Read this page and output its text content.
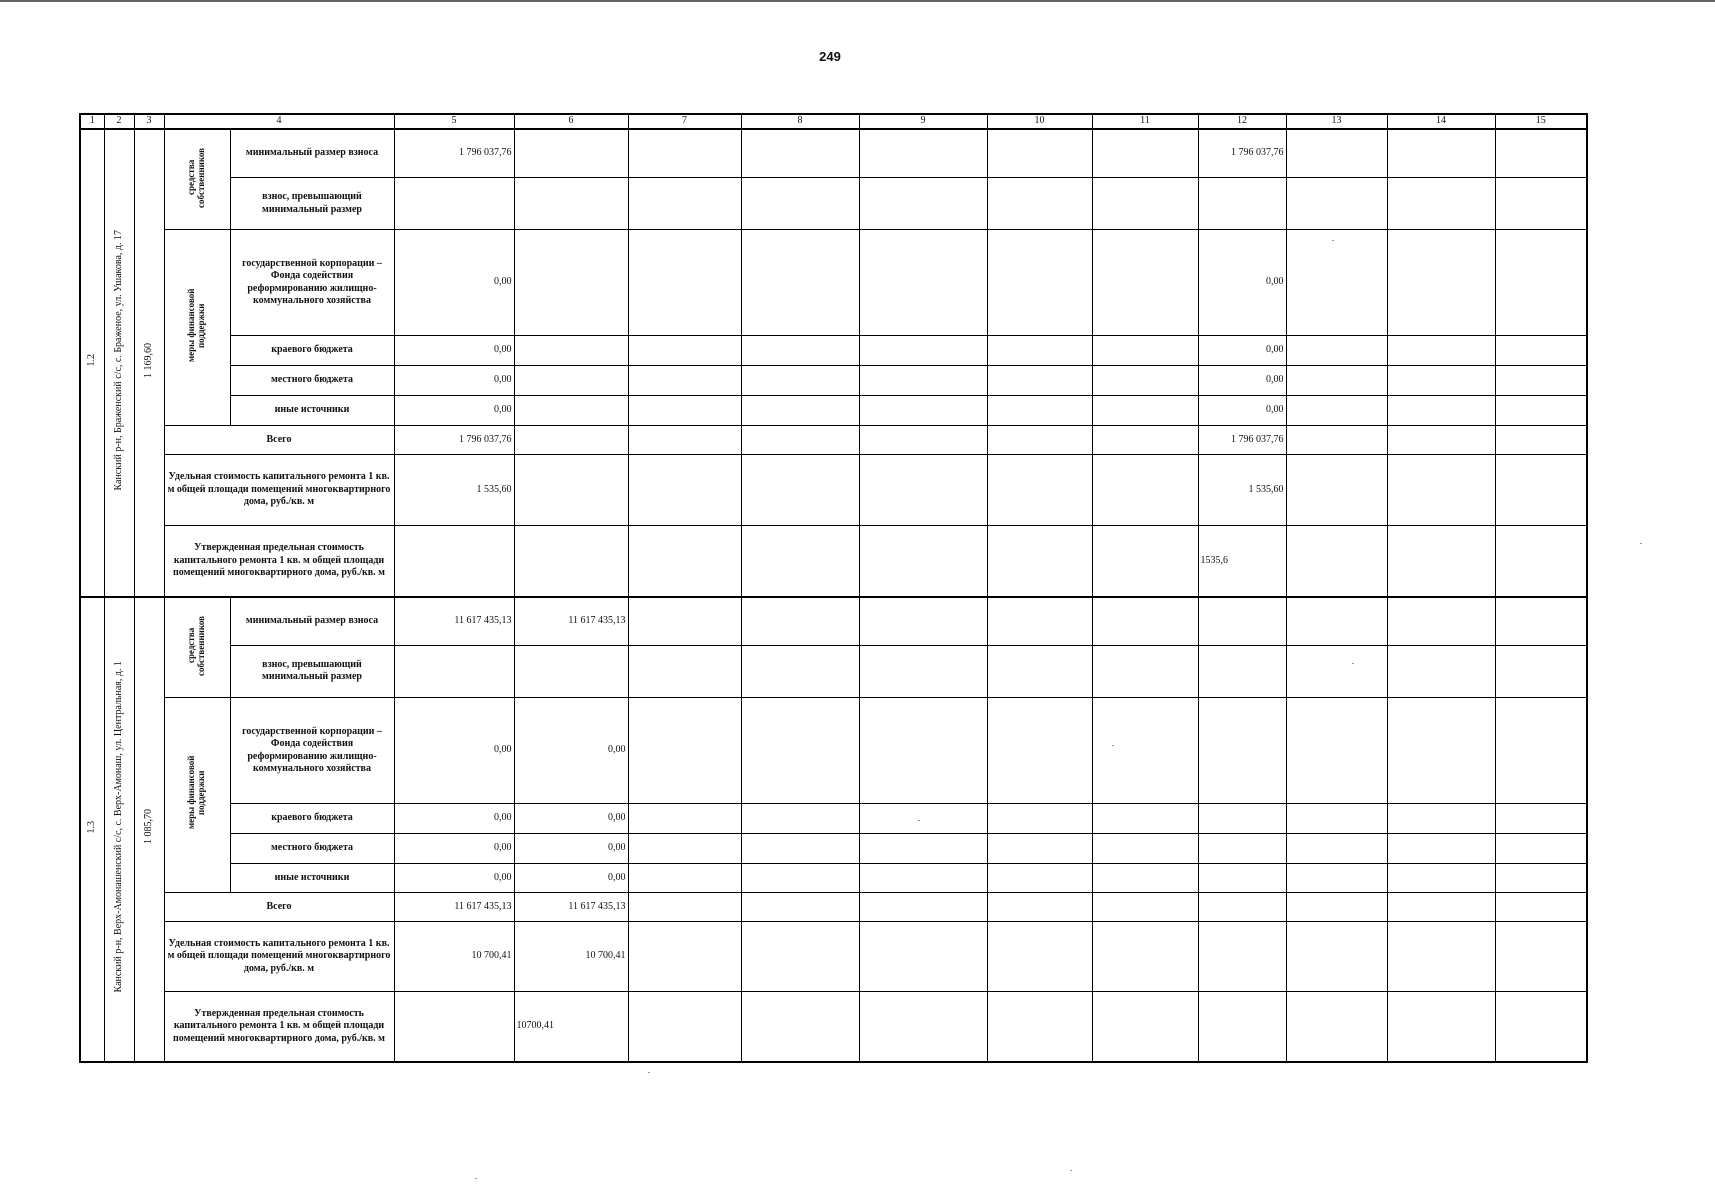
249
1	2	3	4		5	6	7	8	9	10	11	12	13	14	15
1.2	Канский р-н, Браженский с/с, с. Браженое, ул. Ушакова, д. 17	1 169,60	средства собственников	минимальный размер взноса	1 796 037,76							1 796 037,76			
				взнос, превышающий минимальный размер											
			меры финансовой поддержки	государственной корпорации – Фонда содействия реформированию жилищно-коммунального хозяйства	0,00							0,00			
				краевого бюджета	0,00							0,00			
				местного бюджета	0,00							0,00			
				иные источники	0,00							0,00			
			Всего		1 796 037,76							1 796 037,76			
			Удельная стоимость капитального ремонта 1 кв. м общей площади помещений многоквартирного дома, руб./кв. м		1 535,60							1 535,60			
			Утвержденная предельная стоимость капитального ремонта 1 кв. м общей площади помещений многоквартирного дома, руб./кв. м									1535,6			
1.3	Канский р-н, Верх-Амонашенский с/с, с. Верх-Амонаш, ул. Центральная, д. 1	1 085,70	средства собственников	минимальный размер взноса	11 617 435,13	11 617 435,13									
				взнос, превышающий минимальный размер											
			меры финансовой поддержки	государственной корпорации – Фонда содействия реформированию жилищно-коммунального хозяйства	0,00	0,00									
				краевого бюджета	0,00	0,00									
				местного бюджета	0,00	0,00									
				иные источники	0,00	0,00									
			Всего		11 617 435,13	11 617 435,13									
			Удельная стоимость капитального ремонта 1 кв. м общей площади помещений многоквартирного дома, руб./кв. м		10 700,41	10 700,41									
			Утвержденная предельная стоимость капитального ремонта 1 кв. м общей площади помещений многоквартирного дома, руб./кв. м			10700,41									
